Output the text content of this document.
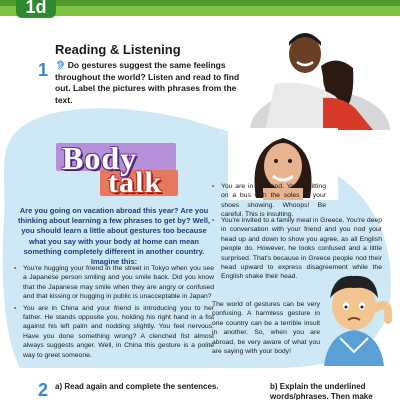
1d
Reading & Listening
1 👂︎ Do gestures suggest the same feelings throughout the world? Listen and read to find out. Label the pictures with phrases from the text.
Body
talk
Are you going on vacation abroad this year? Are you thinking about learning a few phrases to get by? Well, you should learn a little about gestures too because what you say with your body at home can mean something completely different in another country. Imagine this:
• You're hugging your friend in the street in Tokyo when you see a Japanese person smiling and you smile back. Did you know that the Japanese may smile when they are angry or confused and that kissing or hugging in public is unacceptable in Japan?
• You are in China and your friend is introducing you to her father. He stands opposite you, holding his right hand in a fist against his left palm and nodding slightly. You feel nervous. Have you done something wrong? A clenched fist almost always suggests anger. Well, in China this gesture is a polite way to greet someone.
• You are in Thailand. You're sitting on a bus with the soles of your shoes showing. Whoops! Be careful. This is insulting.
• You're invited to a family meal in Greece. You're deep in conversation with your friend and you nod your head up and down to show you agree, as all English people do. However, he looks confused and a little surprised. That's because in Greece people nod their head upward to express disagreement while the English shake their head.
The world of gestures can be very confusing. A harmless gesture in one country can be a terrible insult in another. So, when you are abroad, be very aware of what you are saying with your body!
2 a) Read again and complete the sentences.	b) Explain the underlined words/phrases. Then make
